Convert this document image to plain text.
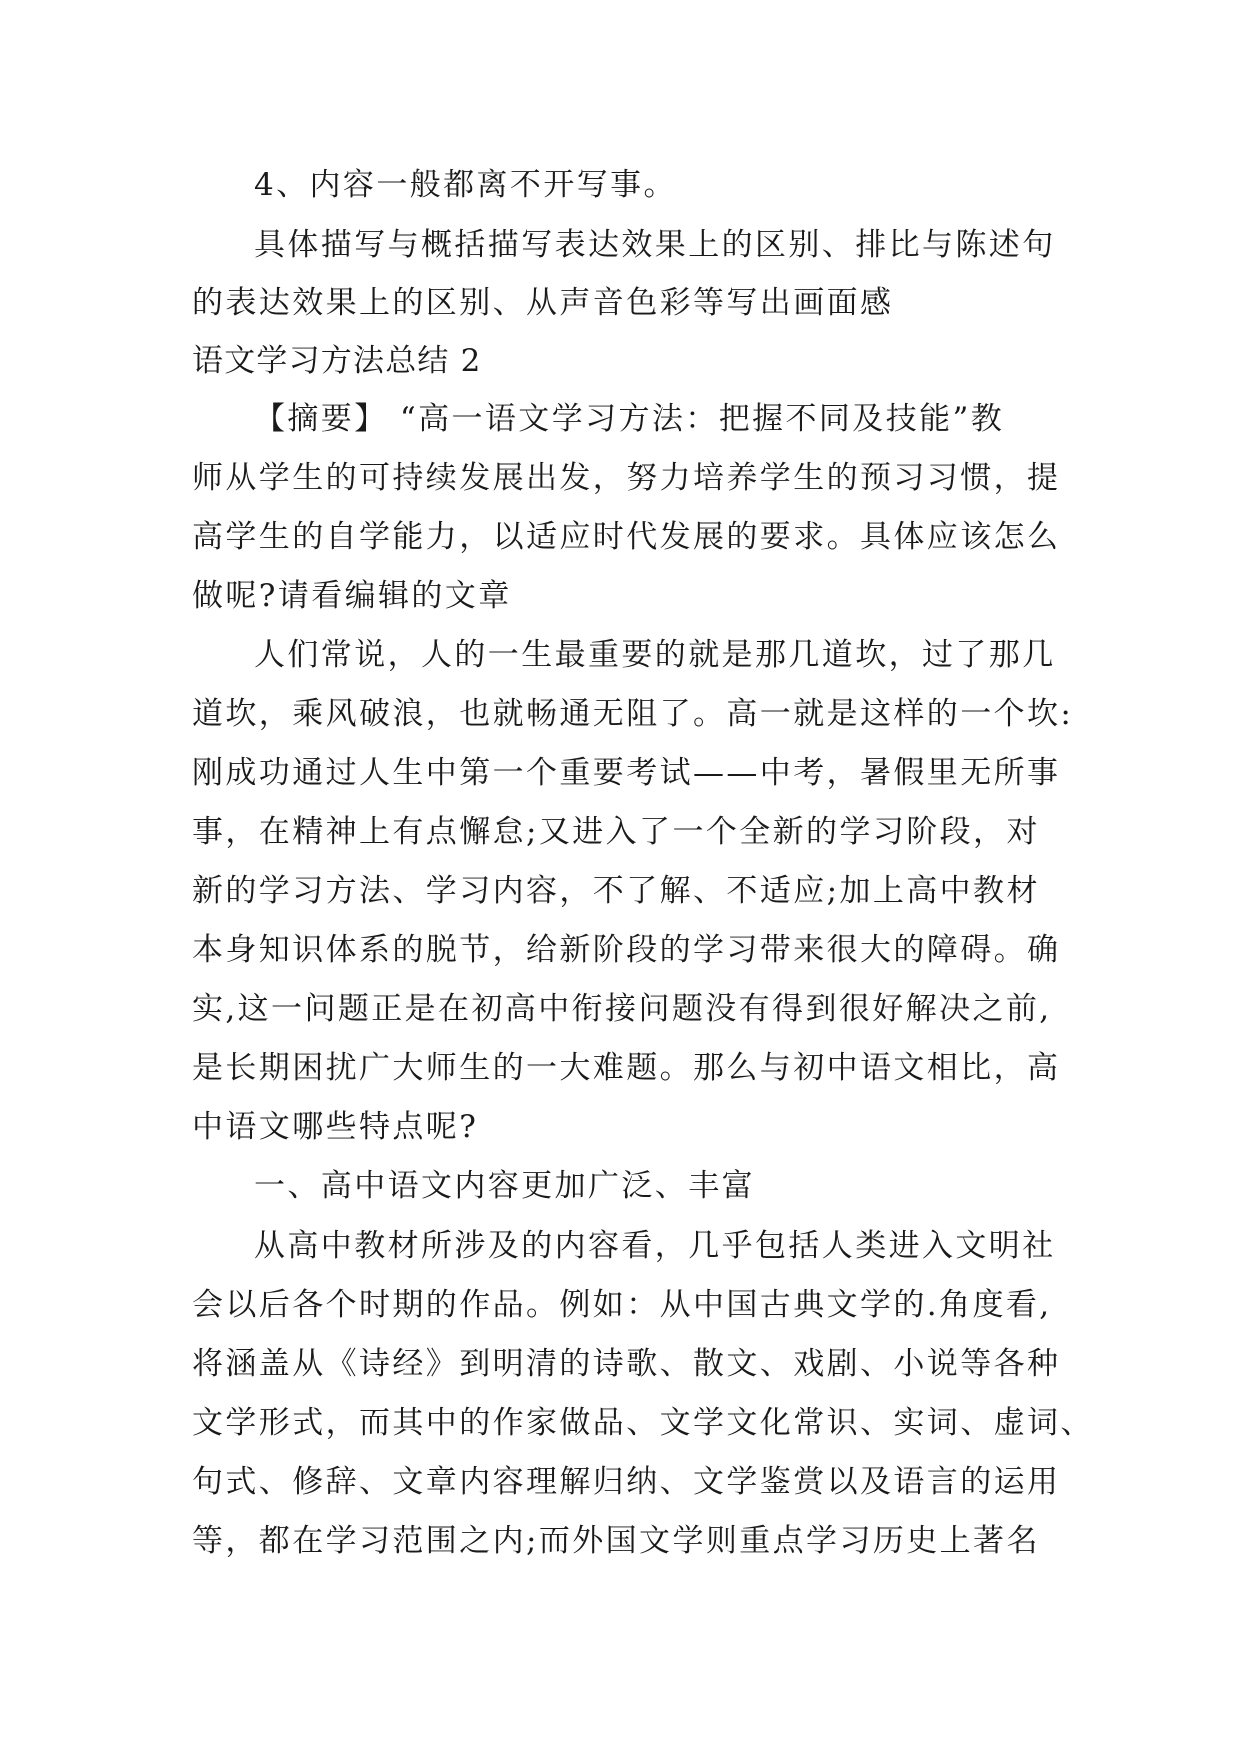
4、内容一般都离不开写事。
具体描写与概括描写表达效果上的区别、排比与陈述句
的表达效果上的区别、从声音色彩等写出画面感
语文学习方法总结 2
【摘要】 “高一语文学习方法：把握不同及技能”教
师从学生的可持续发展出发，努力培养学生的预习习惯，提
高学生的自学能力，以适应时代发展的要求。具体应该怎么
做呢?请看编辑的文章
人们常说，人的一生最重要的就是那几道坎，过了那几
道坎，乘风破浪，也就畅通无阻了。高一就是这样的一个坎:
刚成功通过人生中第一个重要考试——中考，暑假里无所事
事，在精神上有点懈怠;又进入了一个全新的学习阶段，对
新的学习方法、学习内容，不了解、不适应;加上高中教材
本身知识体系的脱节，给新阶段的学习带来很大的障碍。确
实,这一问题正是在初高中衔接问题没有得到很好解决之前,
是长期困扰广大师生的一大难题。那么与初中语文相比，高
中语文哪些特点呢?
一、高中语文内容更加广泛、丰富
从高中教材所涉及的内容看，几乎包括人类进入文明社
会以后各个时期的作品。例如：从中国古典文学的.角度看,
将涵盖从《诗经》到明清的诗歌、散文、戏剧、小说等各种
文学形式，而其中的作家做品、文学文化常识、实词、虚词、
句式、修辞、文章内容理解归纳、文学鉴赏以及语言的运用
等，都在学习范围之内;而外国文学则重点学习历史上著名
